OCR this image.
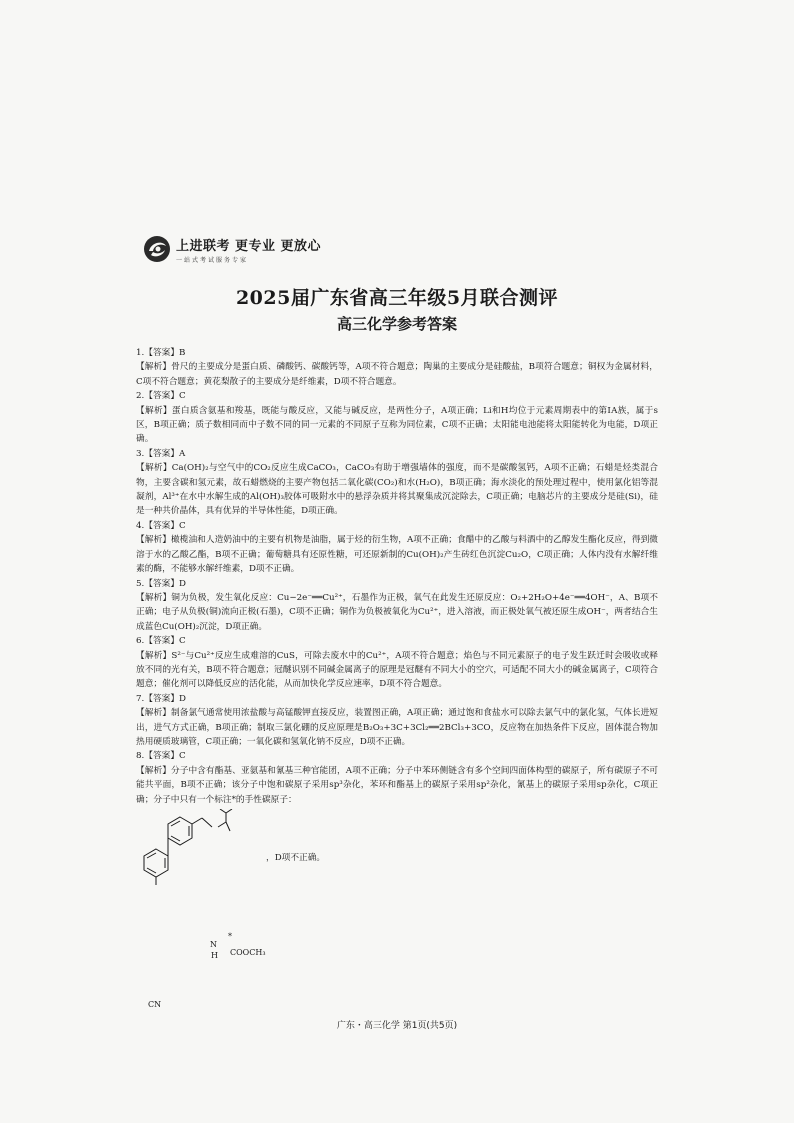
上进联考 更专业 更放心
一站式考试服务专家
2025届广东省高三年级5月联合测评
高三化学参考答案

1.【答案】B

【解析】骨尺的主要成分是蛋白质、磷酸钙、碳酸钙等，A项不符合题意；陶巢的主要成分是硅酸盐，B项符合题意；铜权为金属材料，C项不符合题意；黄花梨散子的主要成分是纤维素，D项不符合题意。

2.【答案】C

【解析】蛋白质含氨基和羧基，既能与酸反应，又能与碱反应，是两性分子，A项正确；Li和H均位于元素周期表中的第ⅠA族，属于s区，B项正确；质子数相同而中子数不同的同一元素的不同原子互称为同位素，C项不正确；太阳能电池能将太阳能转化为电能，D项正确。

3.【答案】A

【解析】Ca(OH)₂与空气中的CO₂反应生成CaCO₃，CaCO₃有助于增强墙体的强度，而不是碳酸氢钙，A项不正确；石蜡是烃类混合物，主要含碳和氢元素，故石蜡燃烧的主要产物包括二氧化碳(CO₂)和水(H₂O)，B项正确；海水淡化的预处理过程中，使用氯化铝等混凝剂，Al³⁺在水中水解生成的Al(OH)₃胶体可吸附水中的悬浮杂质并将其聚集成沉淀除去，C项正确；电脑芯片的主要成分是硅(Si)，硅是一种共价晶体，具有优异的半导体性能，D项正确。

4.【答案】C

【解析】橄榄油和人造奶油中的主要有机物是油脂，属于烃的衍生物，A项不正确；食醋中的乙酸与料酒中的乙醇发生酯化反应，得到微溶于水的乙酸乙酯，B项不正确；葡萄糖具有还原性糖，可还原新制的Cu(OH)₂产生砖红色沉淀Cu₂O，C项正确；人体内没有水解纤维素的酶，不能够水解纤维素，D项不正确。

5.【答案】D

【解析】铜为负极，发生氧化反应：Cu−2e⁻══Cu²⁺，石墨作为正极，氧气在此发生还原反应：O₂+2H₂O+4e⁻══4OH⁻，A、B项不正确；电子从负极(铜)流向正极(石墨)，C项不正确；铜作为负极被氧化为Cu²⁺，进入溶液，而正极处氧气被还原生成OH⁻，两者结合生成蓝色Cu(OH)₂沉淀，D项正确。

6.【答案】C

【解析】S²⁻与Cu²⁺反应生成难溶的CuS，可除去废水中的Cu²⁺，A项不符合题意；焰色与不同元素原子的电子发生跃迁时会吸收或释放不同的光有关，B项不符合题意；冠醚识别不同碱金属离子的原理是冠醚有不同大小的空穴，可适配不同大小的碱金属离子，C项符合题意；催化剂可以降低反应的活化能，从而加快化学反应速率，D项不符合题意。

7.【答案】D

【解析】制备氯气通常使用浓盐酸与高锰酸钾直接反应，装置图正确，A项正确；通过饱和食盐水可以除去氯气中的氯化氢，气体长进短出，进气方式正确，B项正确；制取三氯化硼的反应原理是B₂O₃+3C+3Cl₂══2BCl₃+3CO，反应物在加热条件下反应，固体混合物加热用硬质玻璃管，C项正确；一氧化碳和氢氧化钠不反应，D项不正确。

8.【答案】C

【解析】分子中含有酯基、亚氨基和氰基三种官能团，A项不正确；分子中苯环侧链含有多个空间四面体构型的碳原子，所有碳原子不可能共平面，B项不正确；该分子中饱和碳原子采用sp³杂化，苯环和酯基上的碳原子采用sp²杂化，氰基上的碳原子采用sp杂化，C项正确；分子中只有一个标注*的手性碳原子：

，D项不正确。
N
H
*
COOCH₃
CN
广东・高三化学 第1页(共5页)
